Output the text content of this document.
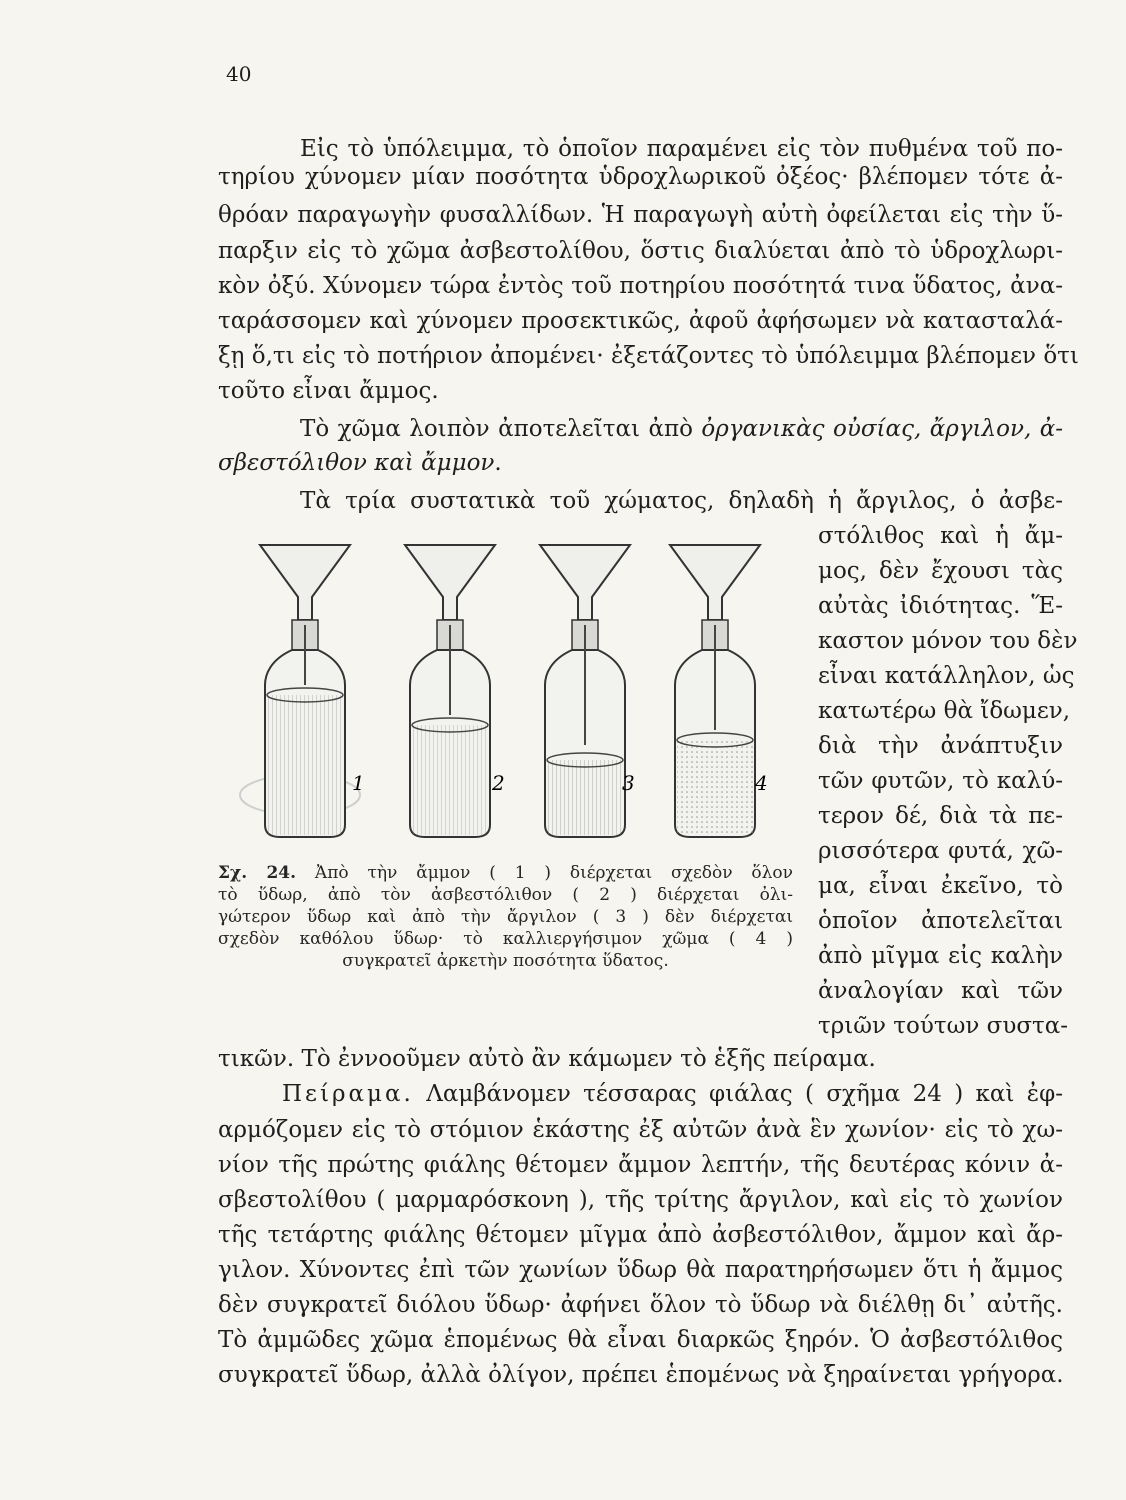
40
Εἰς τὸ ὑπόλειμμα, τὸ ὁποῖον παραμένει εἰς τὸν πυθμένα τοῦ πο-
τηρίου χύνομεν μίαν ποσότητα ὑδροχλωρικοῦ ὀξέος· βλέπομεν τότε ἀ-
θρόαν παραγωγὴν φυσαλλίδων. Ἡ παραγωγὴ αὐτὴ ὀφείλεται εἰς τὴν ὕ-
παρξιν εἰς τὸ χῶμα ἀσβεστολίθου, ὅστις διαλύεται ἀπὸ τὸ ὑδροχλωρι-
κὸν ὀξύ. Χύνομεν τώρα ἐντὸς τοῦ ποτηρίου ποσότητά τινα ὕδατος, ἀνα-
ταράσσομεν καὶ χύνομεν προσεκτικῶς, ἀφοῦ ἀφήσωμεν νὰ κατασταλά-
ξῃ ὅ,τι εἰς τὸ ποτήριον ἀπομένει· ἐξετάζοντες τὸ ὑπόλειμμα βλέπομεν ὅτι
τοῦτο εἶναι ἄμμος.
Τὸ χῶμα λοιπὸν ἀποτελεῖται ἀπὸ ὀργανικὰς οὐσίας, ἄργιλον, ἀ-
σβεστόλιθον καὶ ἄμμον.
Τὰ τρία συστατικὰ τοῦ χώματος, δηλαδὴ ἡ ἄργιλος, ὁ ἀσβε-
στόλιθος καὶ ἡ ἄμ-
μος, δὲν ἔχουσι τὰς
αὐτὰς ἰδιότητας. Ἕ-
καστον μόνον του δὲν
εἶναι κατάλληλον, ὡς
κατωτέρω θὰ ἴδωμεν,
διὰ τὴν ἀνάπτυξιν
τῶν φυτῶν, τὸ καλύ-
τερον δέ, διὰ τὰ πε-
ρισσότερα φυτά, χῶ-
μα, εἶναι ἐκεῖνο, τὸ
ὁποῖον ἀποτελεῖται
ἀπὸ μῖγμα εἰς καλὴν
ἀναλογίαν καὶ τῶν
τριῶν τούτων συστα-
1	2	3	4
Σχ. 24. Ἀπὸ τὴν ἄμμον ( 1 ) διέρχεται σχεδὸν ὅλον
τὸ ὕδωρ, ἀπὸ τὸν ἀσβεστόλιθον ( 2 ) διέρχεται ὀλι-
γώτερον ὕδωρ καὶ ἀπὸ τὴν ἄργιλον ( 3 ) δὲν διέρχεται
σχεδὸν καθόλου ὕδωρ· τὸ καλλιεργήσιμον χῶμα ( 4 )
συγκρατεῖ ἀρκετὴν ποσότητα ὕδατος.
τικῶν. Τὸ ἐννοοῦμεν αὐτὸ ἂν κάμωμεν τὸ ἑξῆς πείραμα.
Πείραμα. Λαμβάνομεν τέσσαρας φιάλας ( σχῆμα 24 ) καὶ ἐφ-
αρμόζομεν εἰς τὸ στόμιον ἑκάστης ἐξ αὐτῶν ἀνὰ ἓν χωνίον· εἰς τὸ χω-
νίον τῆς πρώτης φιάλης θέτομεν ἄμμον λεπτήν, τῆς δευτέρας κόνιν ἀ-
σβεστολίθου ( μαρμαρόσκονη ), τῆς τρίτης ἄργιλον, καὶ εἰς τὸ χωνίον
τῆς τετάρτης φιάλης θέτομεν μῖγμα ἀπὸ ἀσβεστόλιθον, ἄμμον καὶ ἄρ-
γιλον. Χύνοντες ἐπὶ τῶν χωνίων ὕδωρ θὰ παρατηρήσωμεν ὅτι ἡ ἄμμος
δὲν συγκρατεῖ διόλου ὕδωρ· ἀφήνει ὅλον τὸ ὕδωρ νὰ διέλθῃ δι᾽ αὐτῆς.
Τὸ ἀμμῶδες χῶμα ἑπομένως θὰ εἶναι διαρκῶς ξηρόν. Ὁ ἀσβεστόλιθος
συγκρατεῖ ὕδωρ, ἀλλὰ ὀλίγον, πρέπει ἑπομένως νὰ ξηραίνεται γρήγορα.
